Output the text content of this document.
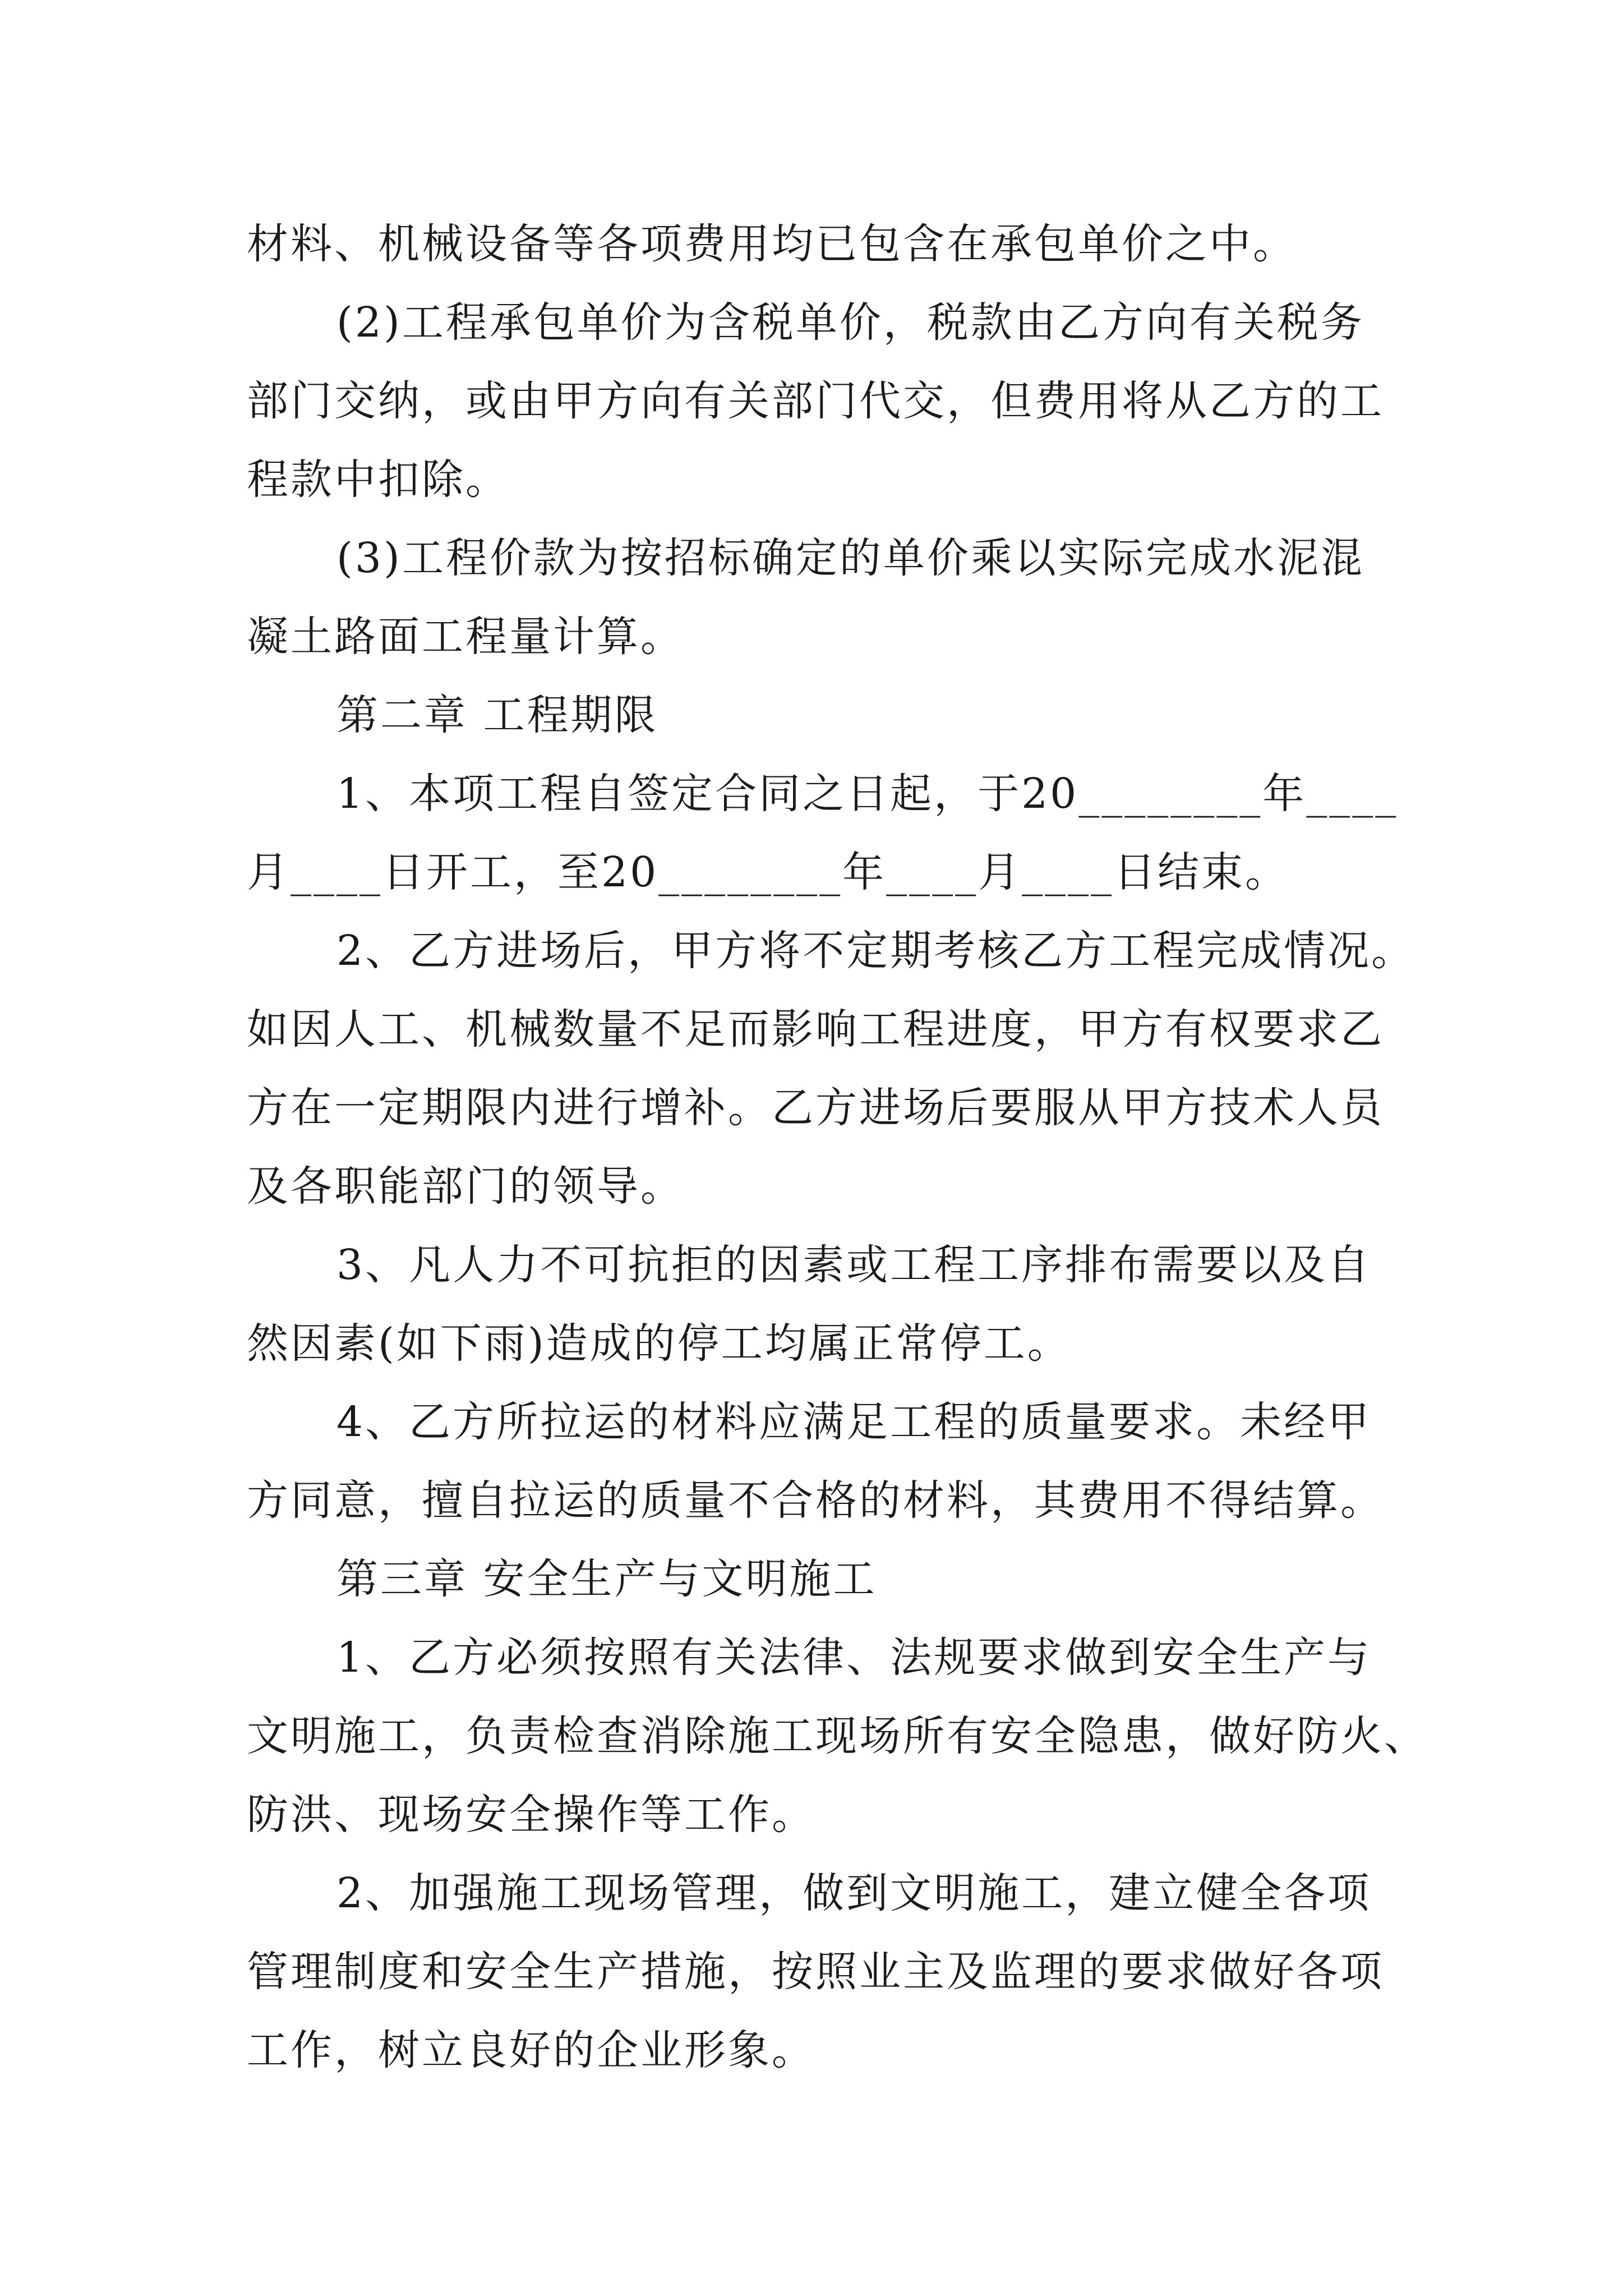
材料、机械设备等各项费用均已包含在承包单价之中。
(2)工程承包单价为含税单价，税款由乙方向有关税务
部门交纳，或由甲方向有关部门代交，但费用将从乙方的工
程款中扣除。
(3)工程价款为按招标确定的单价乘以实际完成水泥混
凝土路面工程量计算。
第二章 工程期限
1、本项工程自签定合同之日起，于20________年____
月____日开工，至20________年____月____日结束。
2、乙方进场后，甲方将不定期考核乙方工程完成情况。
如因人工、机械数量不足而影响工程进度，甲方有权要求乙
方在一定期限内进行增补。乙方进场后要服从甲方技术人员
及各职能部门的领导。
3、凡人力不可抗拒的因素或工程工序排布需要以及自
然因素(如下雨)造成的停工均属正常停工。
4、乙方所拉运的材料应满足工程的质量要求。未经甲
方同意，擅自拉运的质量不合格的材料，其费用不得结算。
第三章 安全生产与文明施工
1、乙方必须按照有关法律、法规要求做到安全生产与
文明施工，负责检查消除施工现场所有安全隐患，做好防火、
防洪、现场安全操作等工作。
2、加强施工现场管理，做到文明施工，建立健全各项
管理制度和安全生产措施，按照业主及监理的要求做好各项
工作，树立良好的企业形象。
